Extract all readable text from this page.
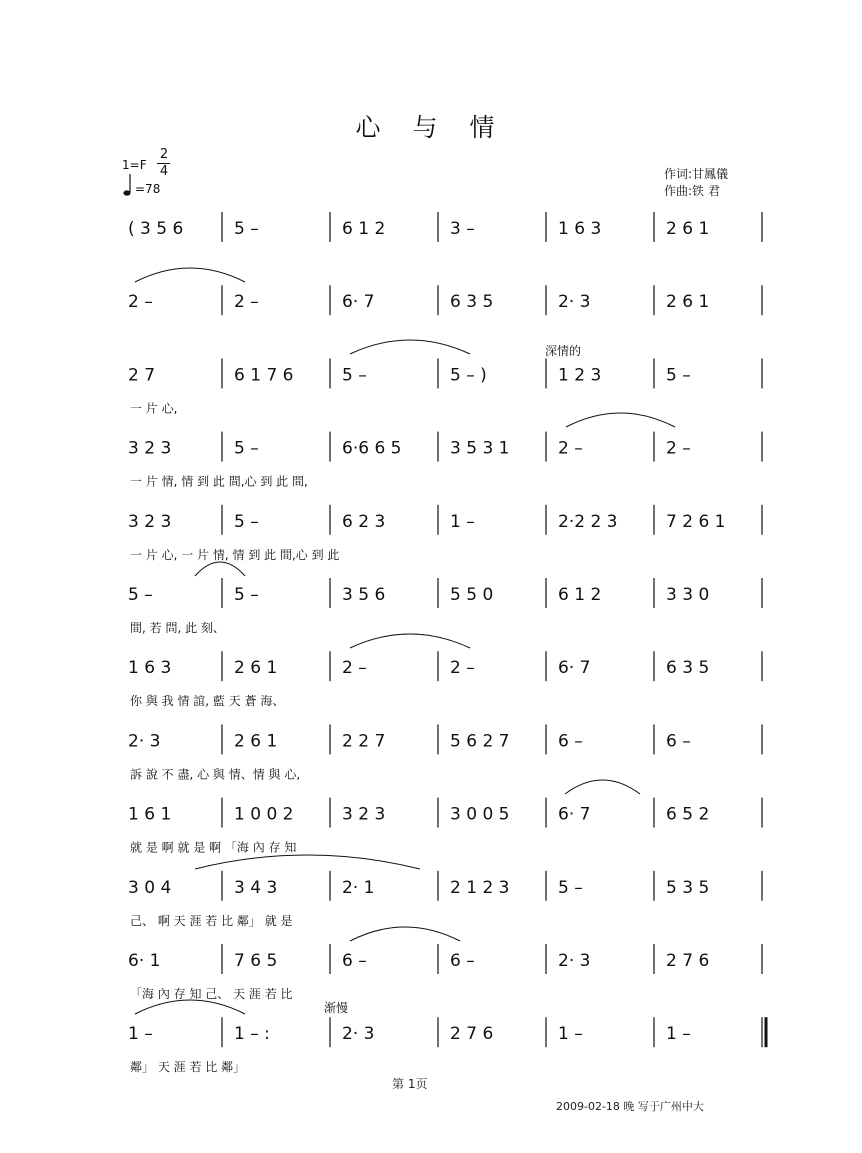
心 与 情
1=F
2
4
=78
作词:甘鳳儀
作曲:铁 君
深情的
渐慢
( 3 5 6	5 –	6 1 2	3 –	1 6 3	2 6 1
2 –	2 –	6· 7	6 3 5	2· 3	2 6 1
2 7	6 1 7 6	5 –	5 – )	1 2 3	5 –
一 片 心,
3 2 3	5 –	6·6 6 5	3 5 3 1	2 –	2 –
一 片 情, 情 到 此 間,心 到 此 間,
3 2 3	5 –	6 2 3	1 –	2·2 2 3	7 2 6 1
一 片 心, 一 片 情, 情 到 此 間,心 到 此
5 –	5 –	3 5 6	5 5 0	6 1 2	3 3 0
間, 若 問, 此 刻、
1 6 3	2 6 1	2 –	2 –	6· 7	6 3 5
你 與 我 情 誼, 藍 天 蒼 海、
2· 3	2 6 1	2 2 7	5 6 2 7	6 –	6 –
訴 說 不 盡, 心 與 情、情 與 心,
1 6 1	1 0 0 2	3 2 3	3 0 0 5	6· 7	6 5 2
就 是 啊 就 是 啊 「海 內 存 知
3 0 4	3 4 3	2· 1	2 1 2 3	5 –	5 3 5
己、 啊 天 涯 若 比 鄰」 就 是
6· 1	7 6 5	6 –	6 –	2· 3	2 7 6
「海 內 存 知 己、 天 涯 若 比
1 –	1 – :	2· 3	2 7 6	1 –	1 –
鄰」 天 涯 若 比 鄰」
第 1页
2009-02-18 晚 写于广州中大
